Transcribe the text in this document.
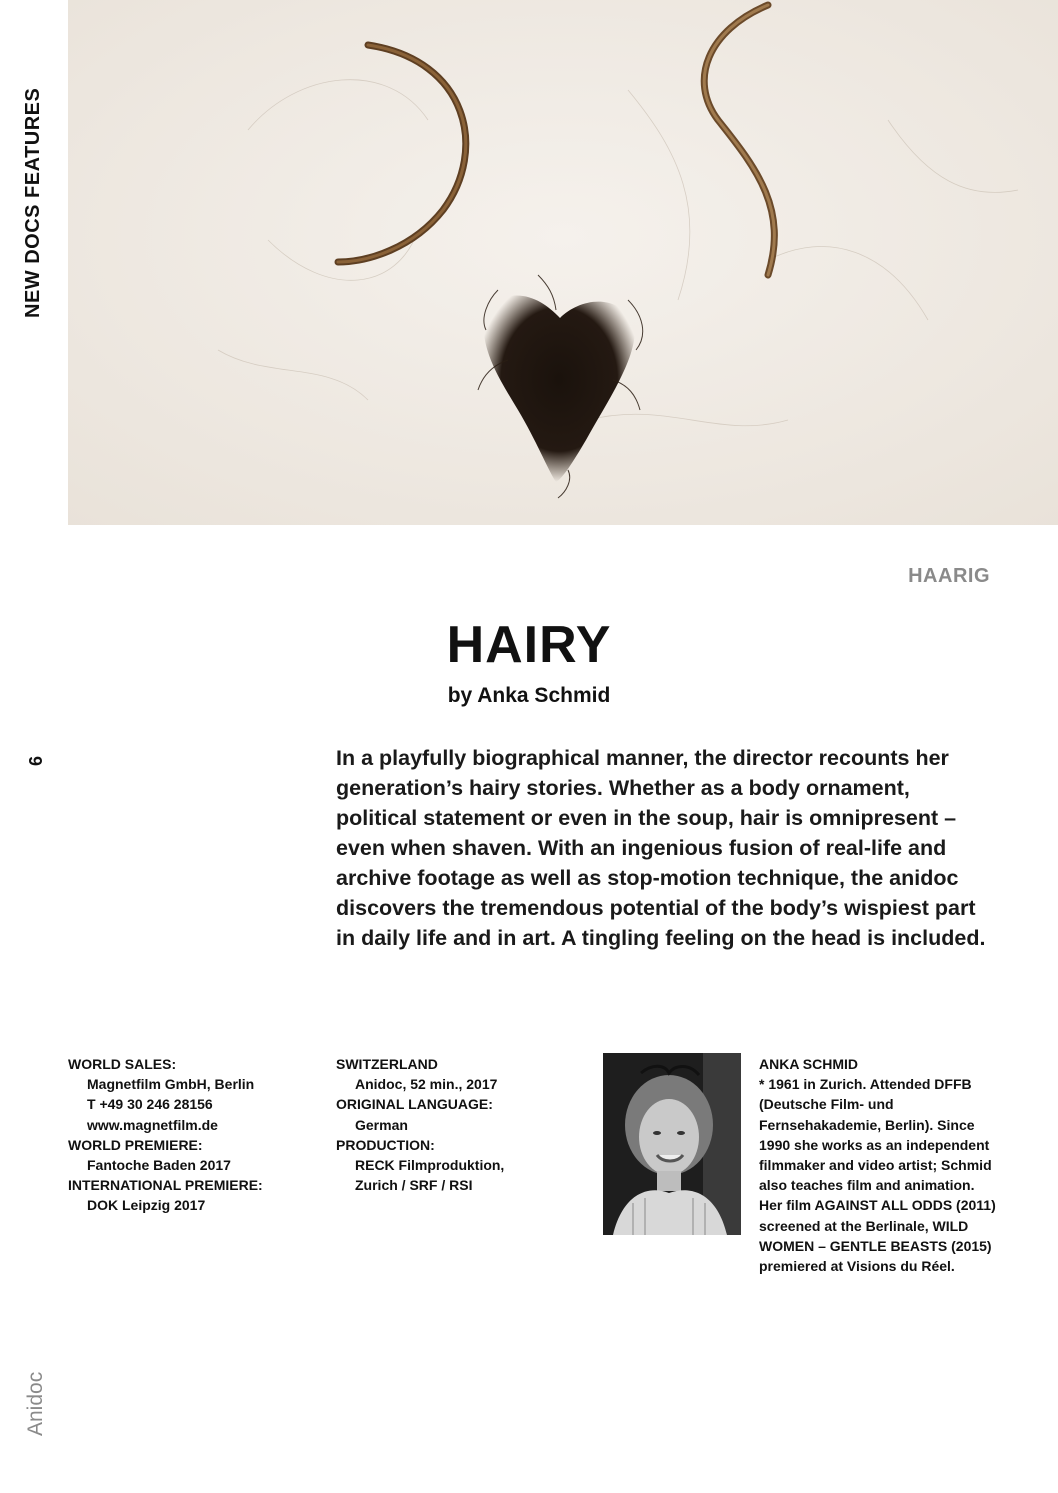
NEW DOCS FEATURES
6
Anidoc
HAARIG
HAIRY
by Anka Schmid
In a playfully biographical manner, the director recounts her generation’s hairy stories. Whether as a body ornament, political statement or even in the soup, hair is omnipresent – even when shaven. With an ingenious fusion of real-life and archive footage as well as stop-motion technique, the anidoc discovers the tremendous potential of the body’s wispiest part in daily life and in art. A tingling feeling on the head is included.
WORLD SALES:
Magnetfilm GmbH, Berlin
T +49 30 246 28156
www.magnetfilm.de
WORLD PREMIERE:
Fantoche Baden 2017
INTERNATIONAL PREMIERE:
DOK Leipzig 2017
SWITZERLAND
Anidoc, 52 min., 2017
ORIGINAL LANGUAGE:
German
PRODUCTION:
RECK Filmproduktion,
Zurich / SRF / RSI
ANKA SCHMID
* 1961 in Zurich. Attended DFFB (Deutsche Film- und Fernsehakademie, Berlin). Since 1990 she works as an independent filmmaker and video artist; Schmid also teaches film and animation. Her film AGAINST ALL ODDS (2011) screened at the Berlinale, WILD WOMEN – GENTLE BEASTS (2015) premiered at Visions du Réel.
